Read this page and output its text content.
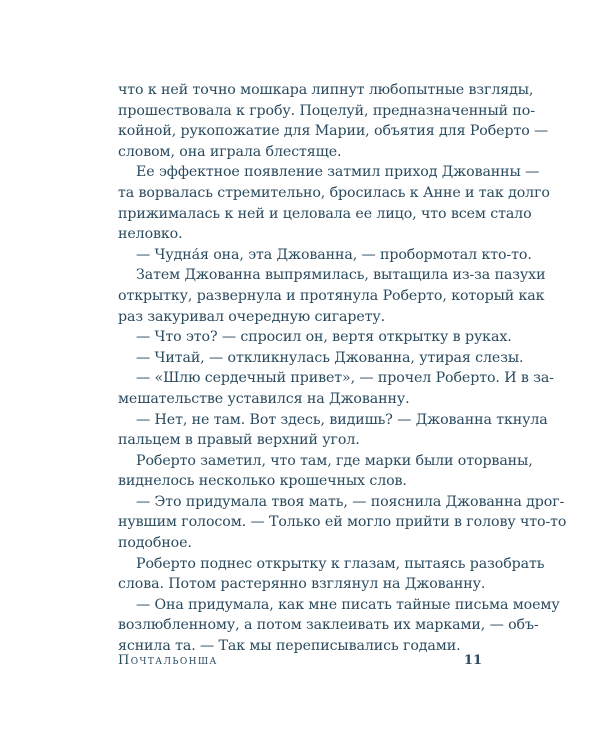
что к ней точно мошкара липнут любопытные взгляды,
прошествовала к гробу. Поцелуй, предназначенный по-
койной, рукопожатие для Марии, объятия для Роберто —
словом, она играла блестяще.
Ее эффектное появление затмил приход Джованны —
та ворвалась стремительно, бросилась к Анне и так долго
прижималась к ней и целовала ее лицо, что всем стало
неловко.
— Чудна́я она, эта Джованна, — пробормотал кто-то.
Затем Джованна выпрямилась, вытащила из-за пазухи
открытку, развернула и протянула Роберто, который как
раз закуривал очередную сигарету.
— Что это? — спросил он, вертя открытку в руках.
— Читай, — откликнулась Джованна, утирая слезы.
— «Шлю сердечный привет», — прочел Роберто. И в за-
мешательстве уставился на Джованну.
— Нет, не там. Вот здесь, видишь? — Джованна ткнула
пальцем в правый верхний угол.
Роберто заметил, что там, где марки были оторваны,
виднелось несколько крошечных слов.
— Это придумала твоя мать, — пояснила Джованна дрог-
нувшим голосом. — Только ей могло прийти в голову что-то
подобное.
Роберто поднес открытку к глазам, пытаясь разобрать
слова. Потом растерянно взглянул на Джованну.
— Она придумала, как мне писать тайные письма моему
возлюбленному, а потом заклеивать их марками, — объ-
яснила та. — Так мы переписывались годами.
Почтальонша	11
